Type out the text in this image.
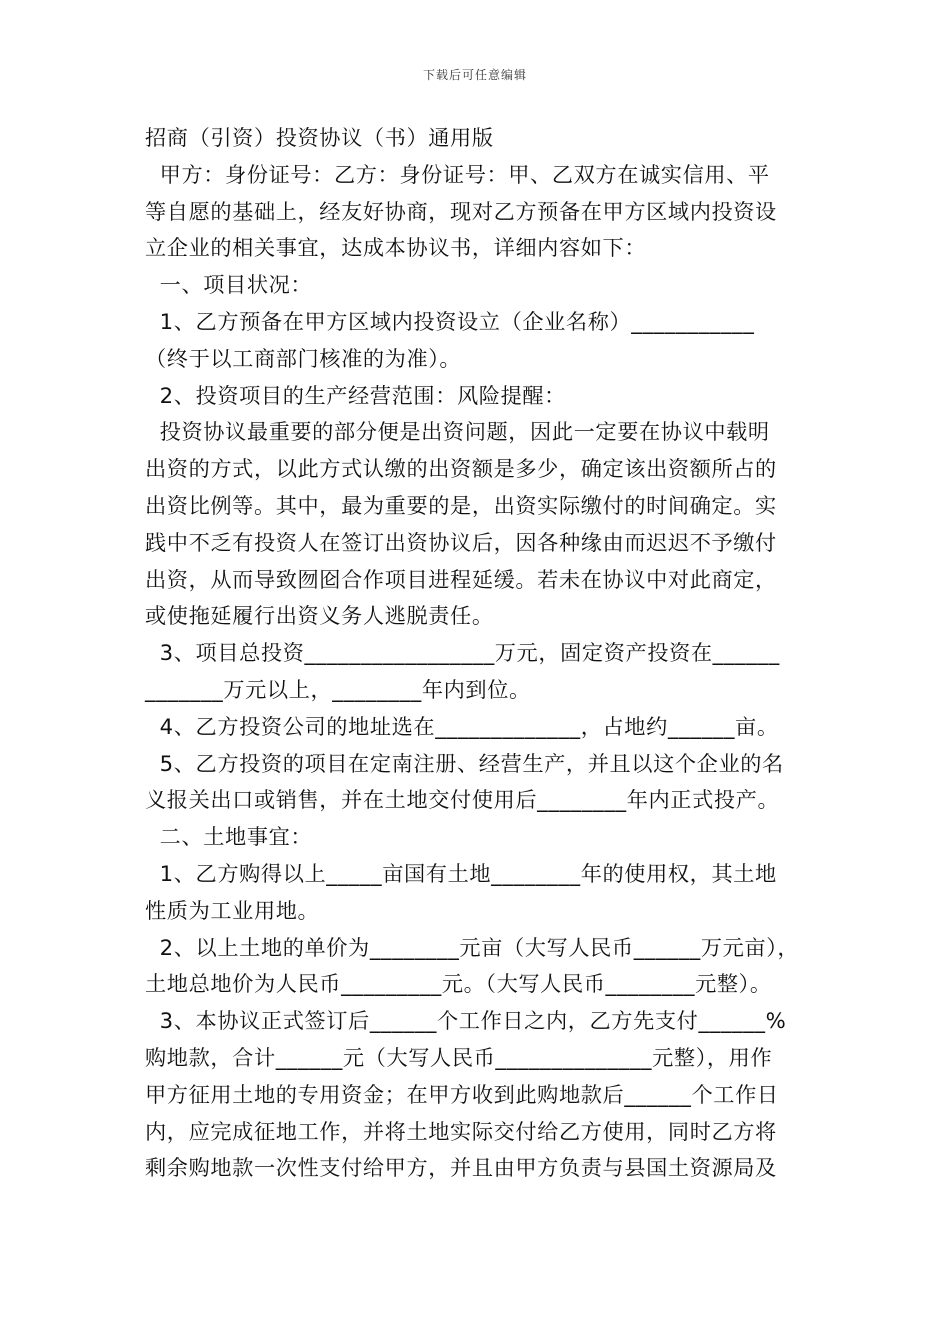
下载后可任意编辑

招商（引资）投资协议（书）通用版

甲方：身份证号：乙方：身份证号：甲、乙双方在诚实信用、平

等自愿的基础上，经友好协商，现对乙方预备在甲方区域内投资设

立企业的相关事宜，达成本协议书，详细内容如下：

一、项目状况：

1、乙方预备在甲方区域内投资设立（企业名称）___________

（终于以工商部门核准的为准）。

2、投资项目的生产经营范围：风险提醒：

投资协议最重要的部分便是出资问题，因此一定要在协议中载明

出资的方式，以此方式认缴的出资额是多少，确定该出资额所占的

出资比例等。其中，最为重要的是，出资实际缴付的时间确定。实

践中不乏有投资人在签订出资协议后，因各种缘由而迟迟不予缴付

出资，从而导致囫囵合作项目进程延缓。若未在协议中对此商定，

或使拖延履行出资义务人逃脱责任。

3、项目总投资_________________万元，固定资产投资在______

_______万元以上，________年内到位。

4、乙方投资公司的地址选在_____________，占地约______亩。

5、乙方投资的项目在定南注册、经营生产，并且以这个企业的名

义报关出口或销售，并在土地交付使用后________年内正式投产。

二、土地事宜：

1、乙方购得以上_____亩国有土地________年的使用权，其土地

性质为工业用地。

2、以上土地的单价为________元亩（大写人民币______万元亩），

土地总地价为人民币_________元。（大写人民币________元整）。

3、本协议正式签订后______个工作日之内，乙方先支付______%

购地款，合计______元（大写人民币______________元整），用作

甲方征用土地的专用资金；在甲方收到此购地款后______个工作日

内，应完成征地工作，并将土地实际交付给乙方使用，同时乙方将

剩余购地款一次性支付给甲方，并且由甲方负责与县国土资源局及
